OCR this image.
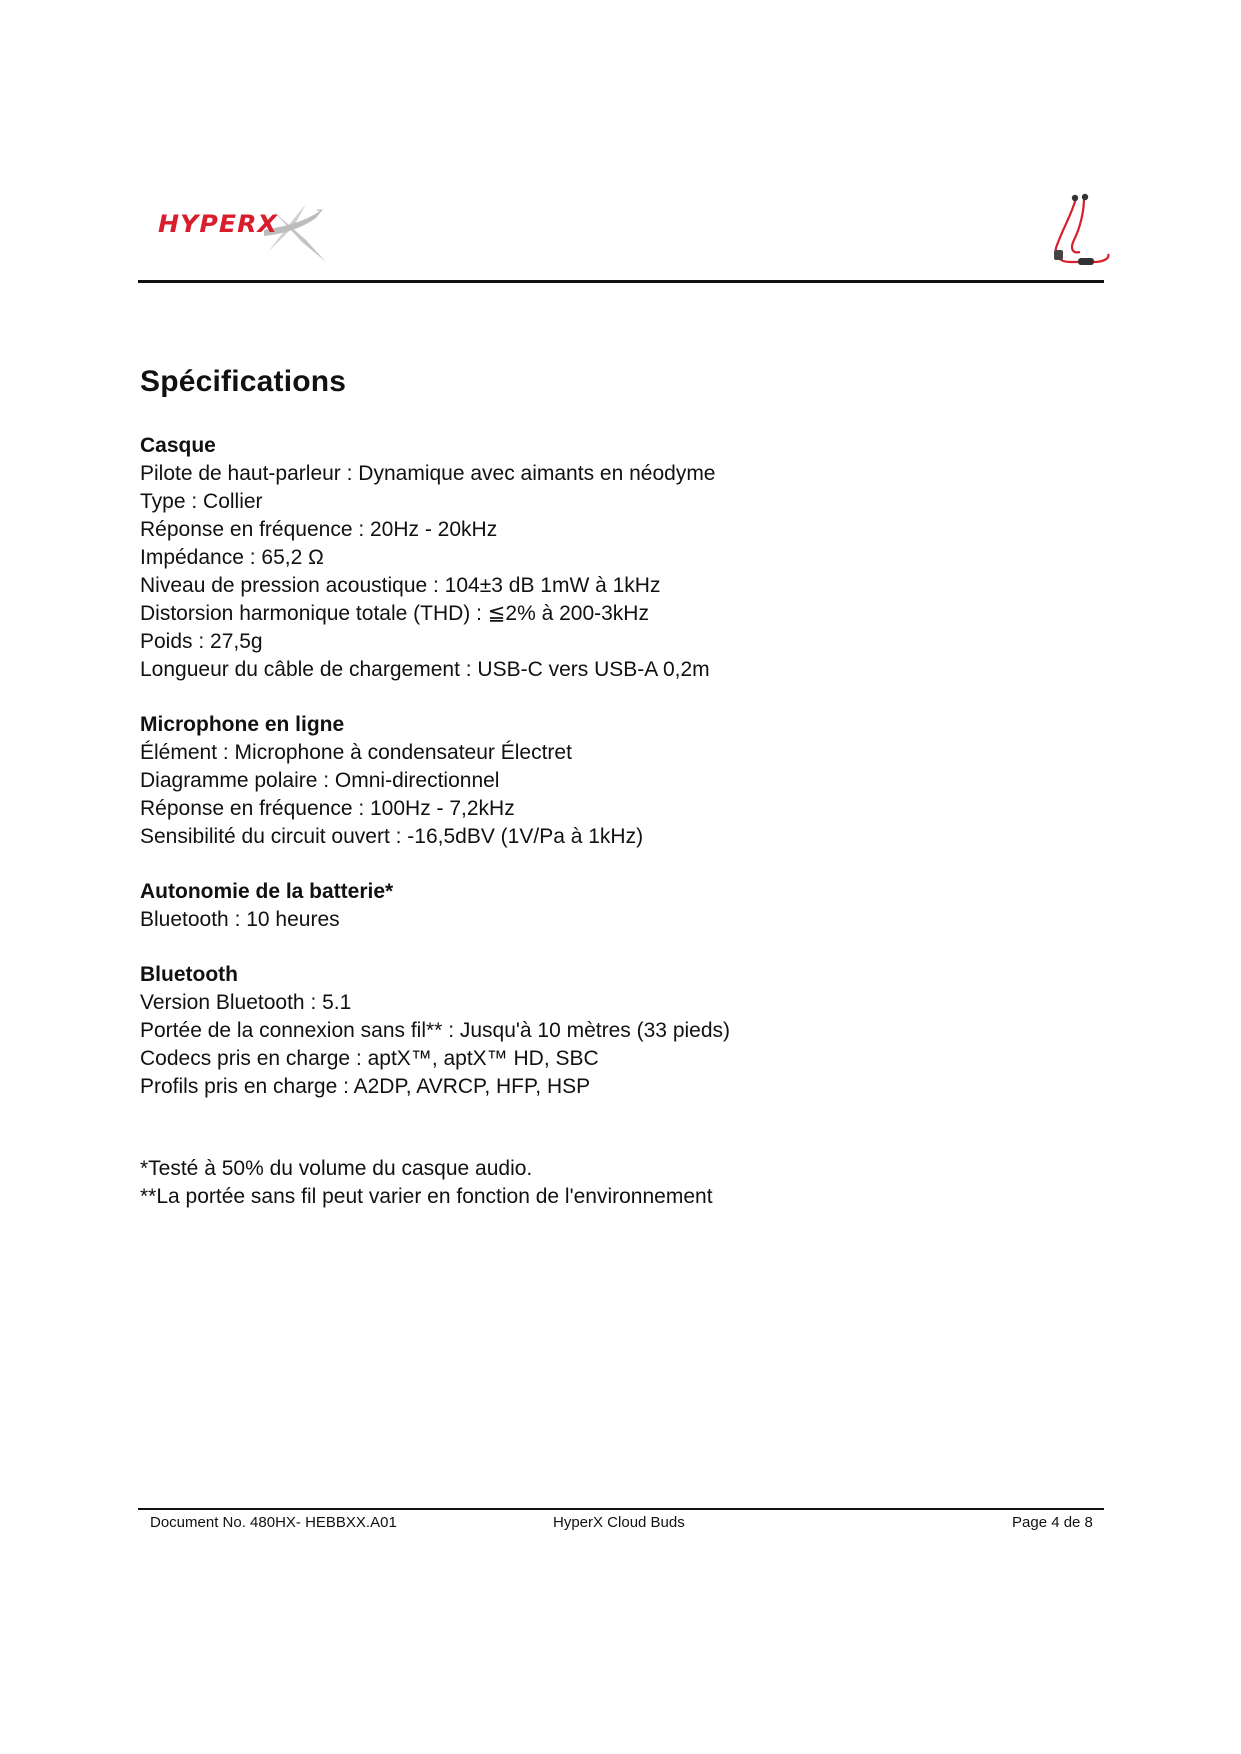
HYPERX	™
Spécifications

Casque

Pilote de haut-parleur : Dynamique avec aimants en néodyme

Type : Collier

Réponse en fréquence : 20Hz - 20kHz

Impédance : 65,2 Ω

Niveau de pression acoustique : 104±3 dB 1mW à 1kHz

Distorsion harmonique totale (THD) : ≦2% à 200-3kHz

Poids : 27,5g

Longueur du câble de chargement : USB-C vers USB-A 0,2m

Microphone en ligne

Élément : Microphone à condensateur Électret

Diagramme polaire : Omni-directionnel

Réponse en fréquence : 100Hz - 7,2kHz

Sensibilité du circuit ouvert : -16,5dBV (1V/Pa à 1kHz)

Autonomie de la batterie*

Bluetooth : 10 heures

Bluetooth

Version Bluetooth : 5.1

Portée de la connexion sans fil** : Jusqu'à 10 mètres (33 pieds)

Codecs pris en charge : aptX™, aptX™ HD, SBC

Profils pris en charge : A2DP, AVRCP, HFP, HSP

*Testé à 50% du volume du casque audio.

**La portée sans fil peut varier en fonction de l'environnement

Document No. 480HX- HEBBXX.A01	HyperX Cloud Buds	Page 4 de 8
